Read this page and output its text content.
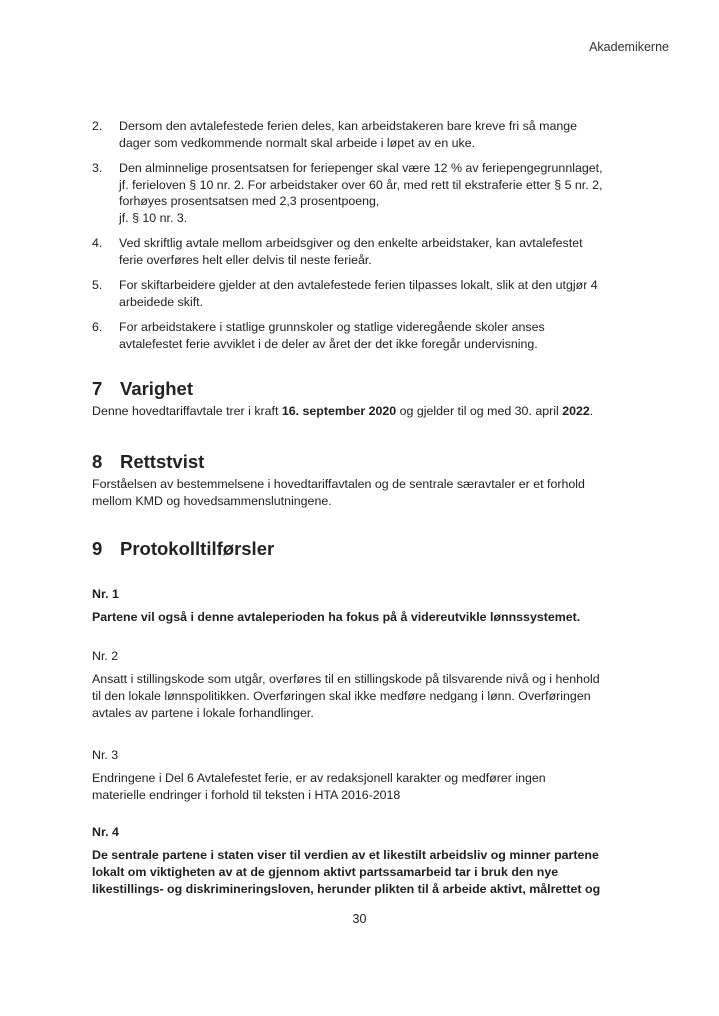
Akademikerne
2.	Dersom den avtalefestede ferien deles, kan arbeidstakeren bare kreve fri så mange
dager som vedkommende normalt skal arbeide i løpet av en uke.
3.	Den alminnelige prosentsatsen for feriepenger skal være 12 % av feriepengegrunnlaget,
jf. ferieloven § 10 nr. 2. For arbeidstaker over 60 år, med rett til ekstraferie etter § 5 nr. 2,
forhøyes prosentsatsen med 2,3 prosentpoeng,
jf. § 10 nr. 3.
4.	Ved skriftlig avtale mellom arbeidsgiver og den enkelte arbeidstaker, kan avtalefestet
ferie overføres helt eller delvis til neste ferieår.
5.	For skiftarbeidere gjelder at den avtalefestede ferien tilpasses lokalt, slik at den utgjør 4
arbeidede skift.
6.	For arbeidstakere i statlige grunnskoler og statlige videregående skoler anses
avtalefestet ferie avviklet i de deler av året der det ikke foregår undervisning.
7 Varighet

Denne hovedtariffavtale trer i kraft 16. september 2020 og gjelder til og med 30. april 2022.

8 Rettstvist

Forståelsen av bestemmelsene i hovedtariffavtalen og de sentrale særavtaler er et forhold
mellom KMD og hovedsammenslutningene.

9 Protokolltilførsler

Nr. 1

Partene vil også i denne avtaleperioden ha fokus på å videreutvikle lønnssystemet.

Nr. 2

Ansatt i stillingskode som utgår, overføres til en stillingskode på tilsvarende nivå og i henhold
til den lokale lønnspolitikken. Overføringen skal ikke medføre nedgang i lønn. Overføringen
avtales av partene i lokale forhandlinger.

Nr. 3

Endringene i Del 6 Avtalefestet ferie, er av redaksjonell karakter og medfører ingen
materielle endringer i forhold til teksten i HTA 2016-2018

Nr. 4

De sentrale partene i staten viser til verdien av et likestilt arbeidsliv og minner partene
lokalt om viktigheten av at de gjennom aktivt partssamarbeid tar i bruk den nye
likestillings- og diskrimineringsloven, herunder plikten til å arbeide aktivt, målrettet og

30
